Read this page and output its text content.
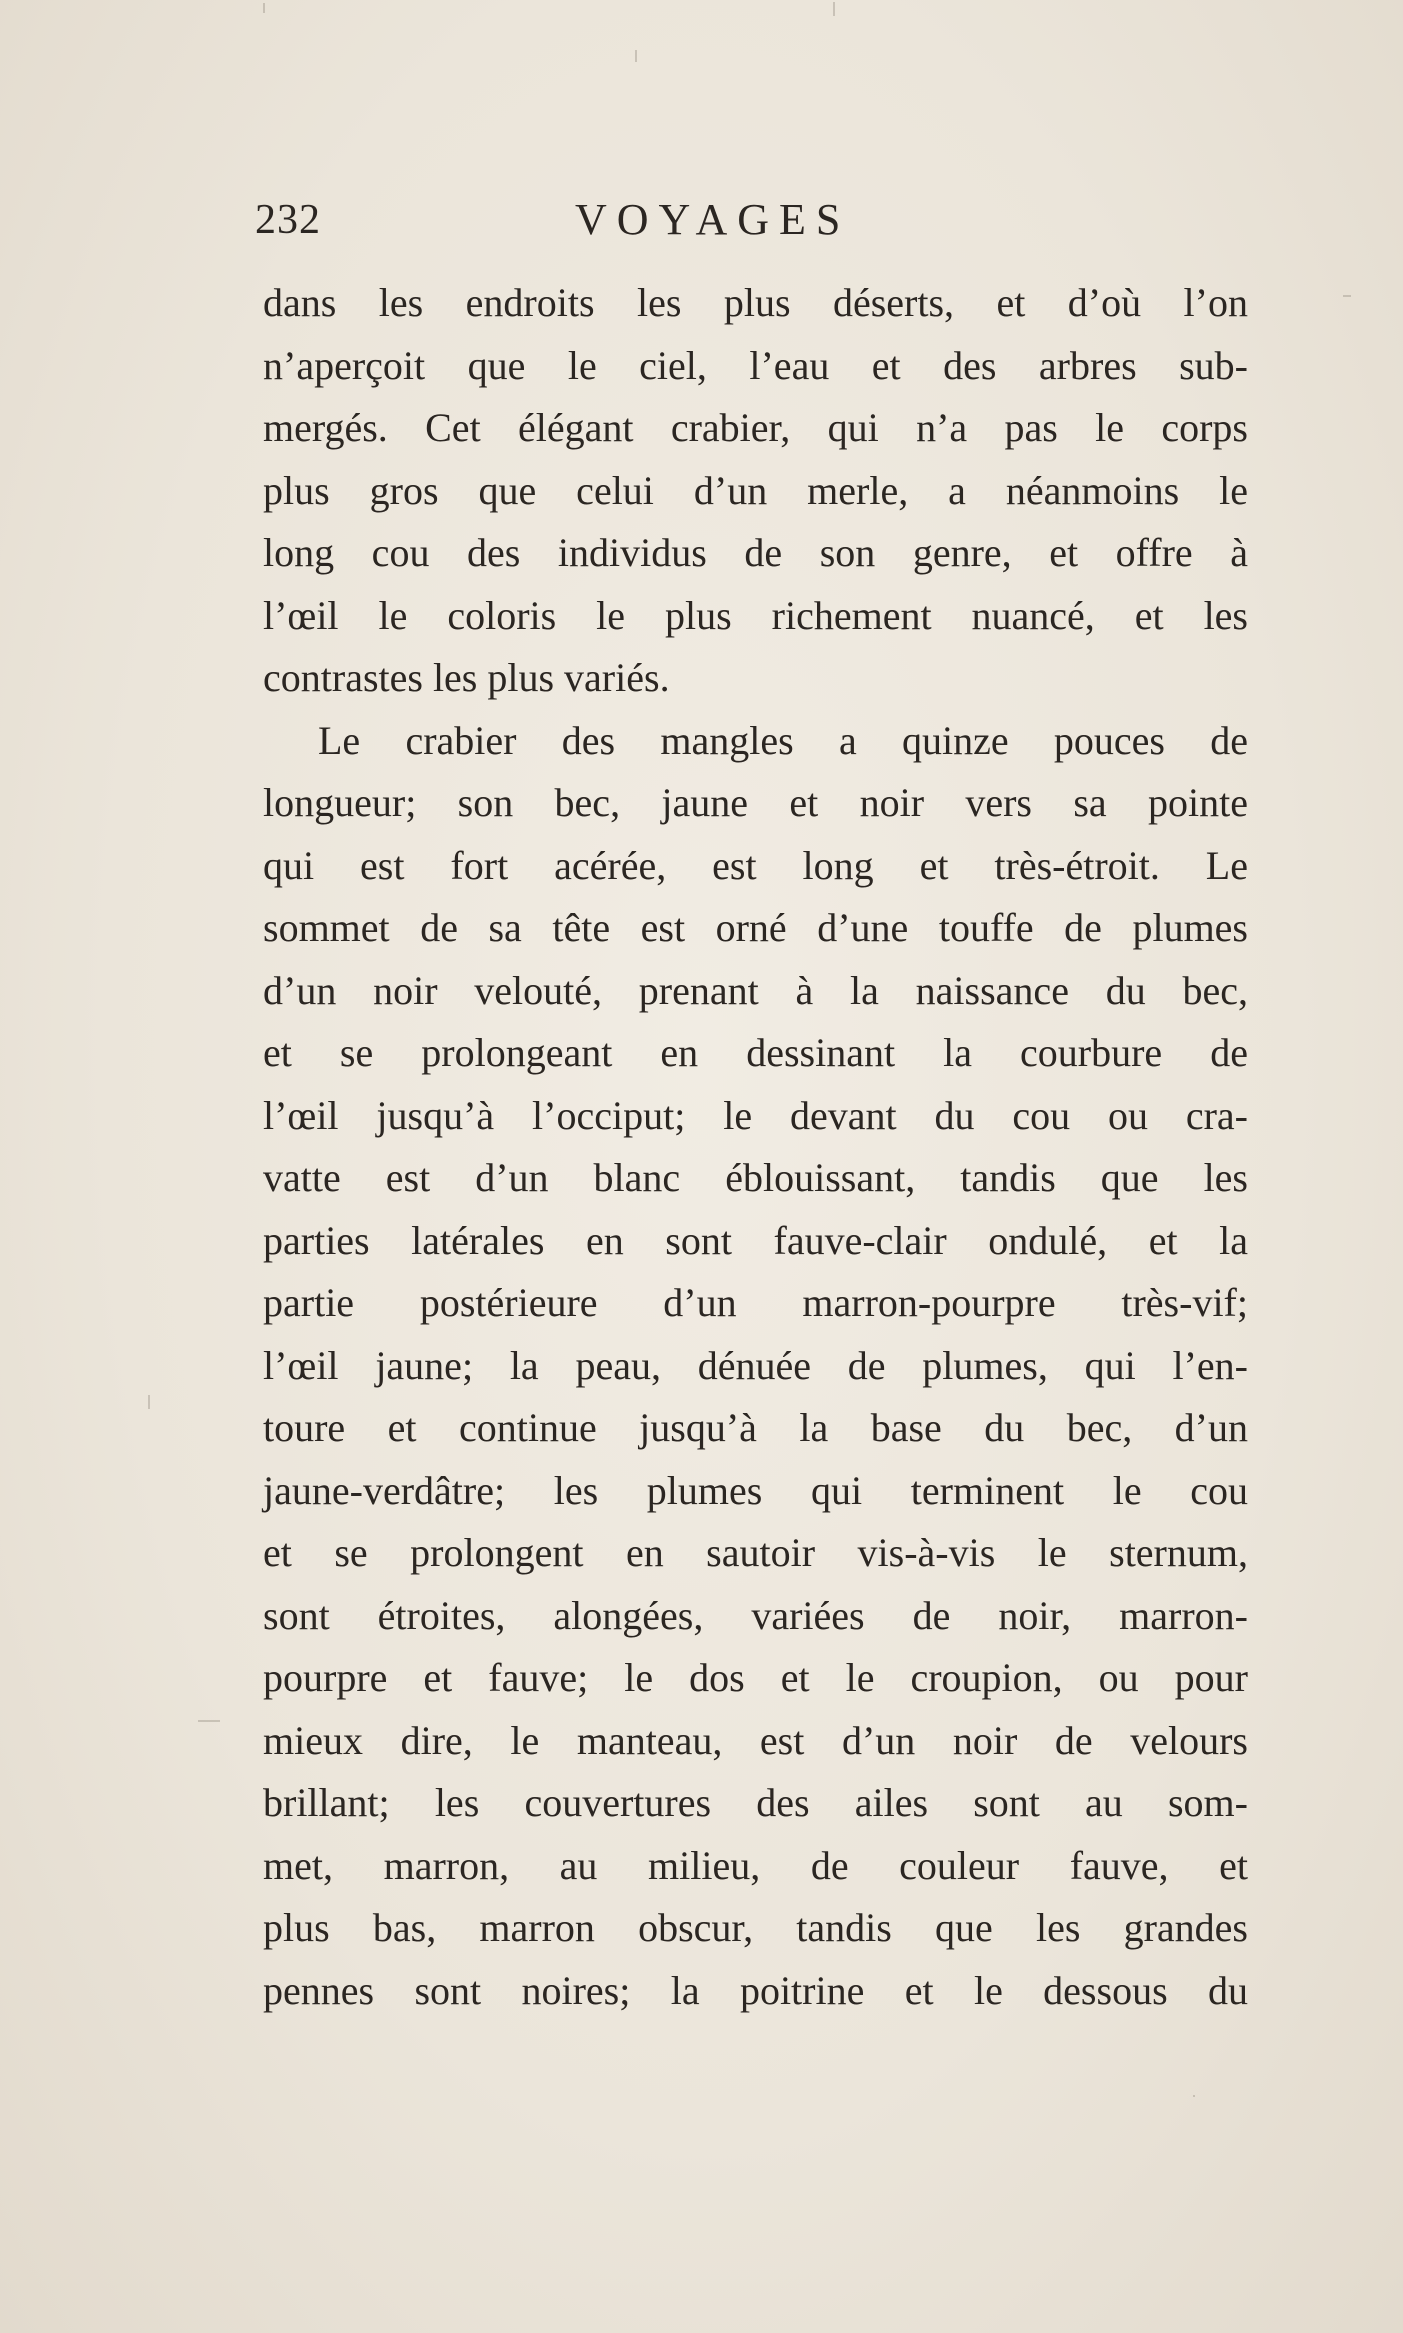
232	VOYAGES
dans les endroits les plus déserts, et d’où l’on
n’aperçoit que le ciel, l’eau et des arbres sub-
mergés. Cet élégant crabier, qui n’a pas le corps
plus gros que celui d’un merle, a néanmoins le
long cou des individus de son genre, et offre à
l’œil le coloris le plus richement nuancé, et les
contrastes les plus variés.
Le crabier des mangles a quinze pouces de
longueur; son bec, jaune et noir vers sa pointe
qui est fort acérée, est long et très-étroit. Le
sommet de sa tête est orné d’une touffe de plumes
d’un noir velouté, prenant à la naissance du bec,
et se prolongeant en dessinant la courbure de
l’œil jusqu’à l’occiput; le devant du cou ou cra-
vatte est d’un blanc éblouissant, tandis que les
parties latérales en sont fauve-clair ondulé, et la
partie postérieure d’un marron-pourpre très-vif;
l’œil jaune; la peau, dénuée de plumes, qui l’en-
toure et continue jusqu’à la base du bec, d’un
jaune-verdâtre; les plumes qui terminent le cou
et se prolongent en sautoir vis-à-vis le sternum,
sont étroites, alongées, variées de noir, marron-
pourpre et fauve; le dos et le croupion, ou pour
mieux dire, le manteau, est d’un noir de velours
brillant; les couvertures des ailes sont au som-
met, marron, au milieu, de couleur fauve, et
plus bas, marron obscur, tandis que les grandes
pennes sont noires; la poitrine et le dessous du
